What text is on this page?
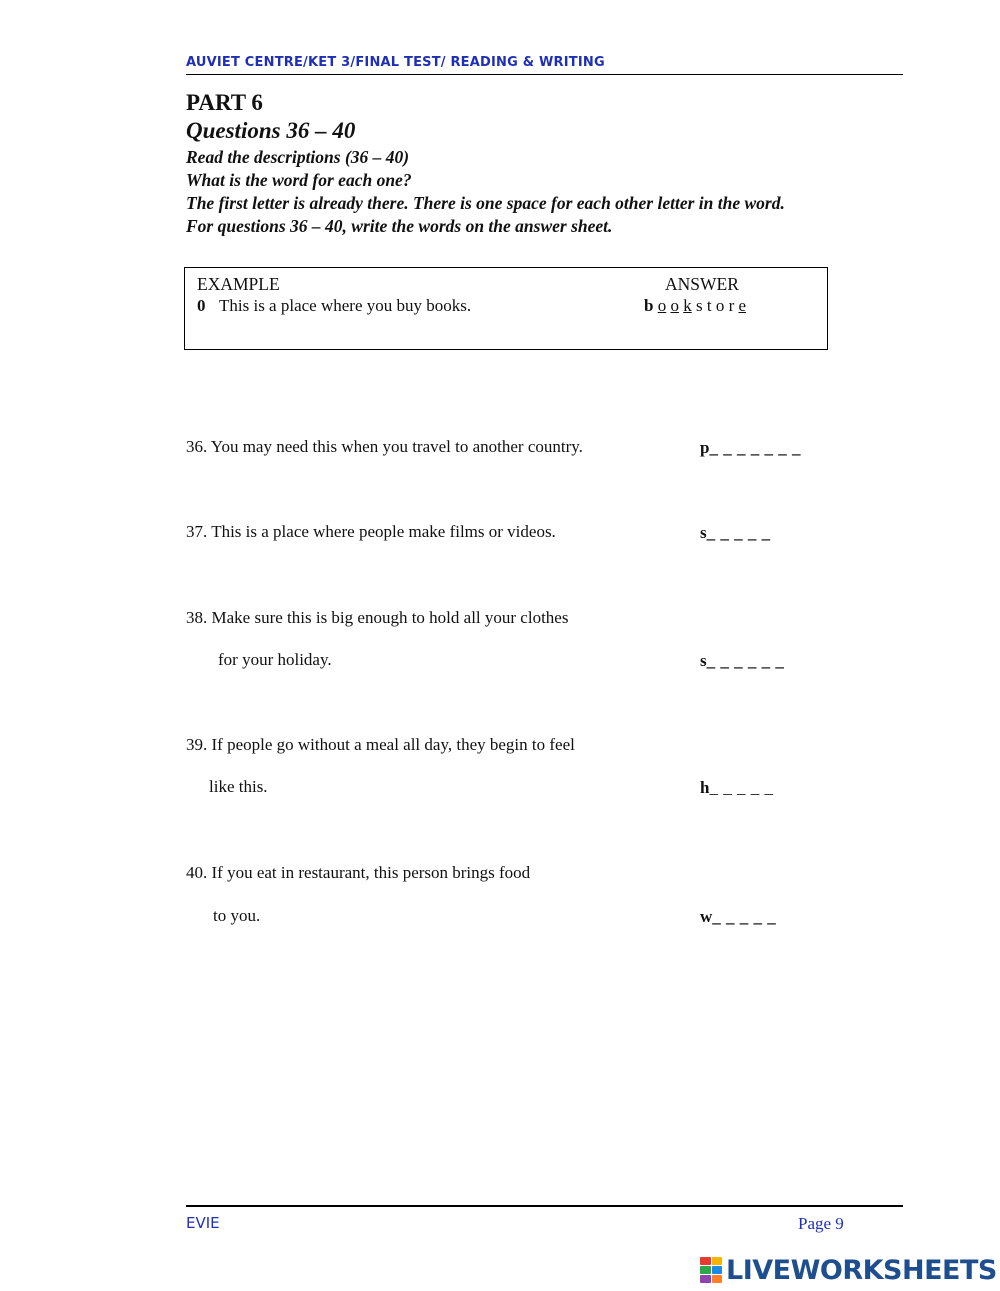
AUVIET CENTRE/KET 3/FINAL TEST/ READING & WRITING
PART 6
Questions 36 – 40
Read the descriptions (36 – 40)
What is the word for each one?
The first letter is already there. There is one space for each other letter in the word.
For questions 36 – 40, write the words on the answer sheet.
EXAMPLE	ANSWER
0 This is a place where you buy books.	b o o k s t o r e
36. You may need this when you travel to another country.	p_ _ _ _ _ _ _
37. This is a place where people make films or videos.	s_ _ _ _ _
38. Make sure this is big enough to hold all your clothes
for your holiday.	s_ _ _ _ _ _
39. If people go without a meal all day, they begin to feel
like this.	h_ _ _ _ _
40. If you eat in restaurant, this person brings food
to you.	w_ _ _ _ _
EVIE	Page 9
LIVEWORKSHEETS
